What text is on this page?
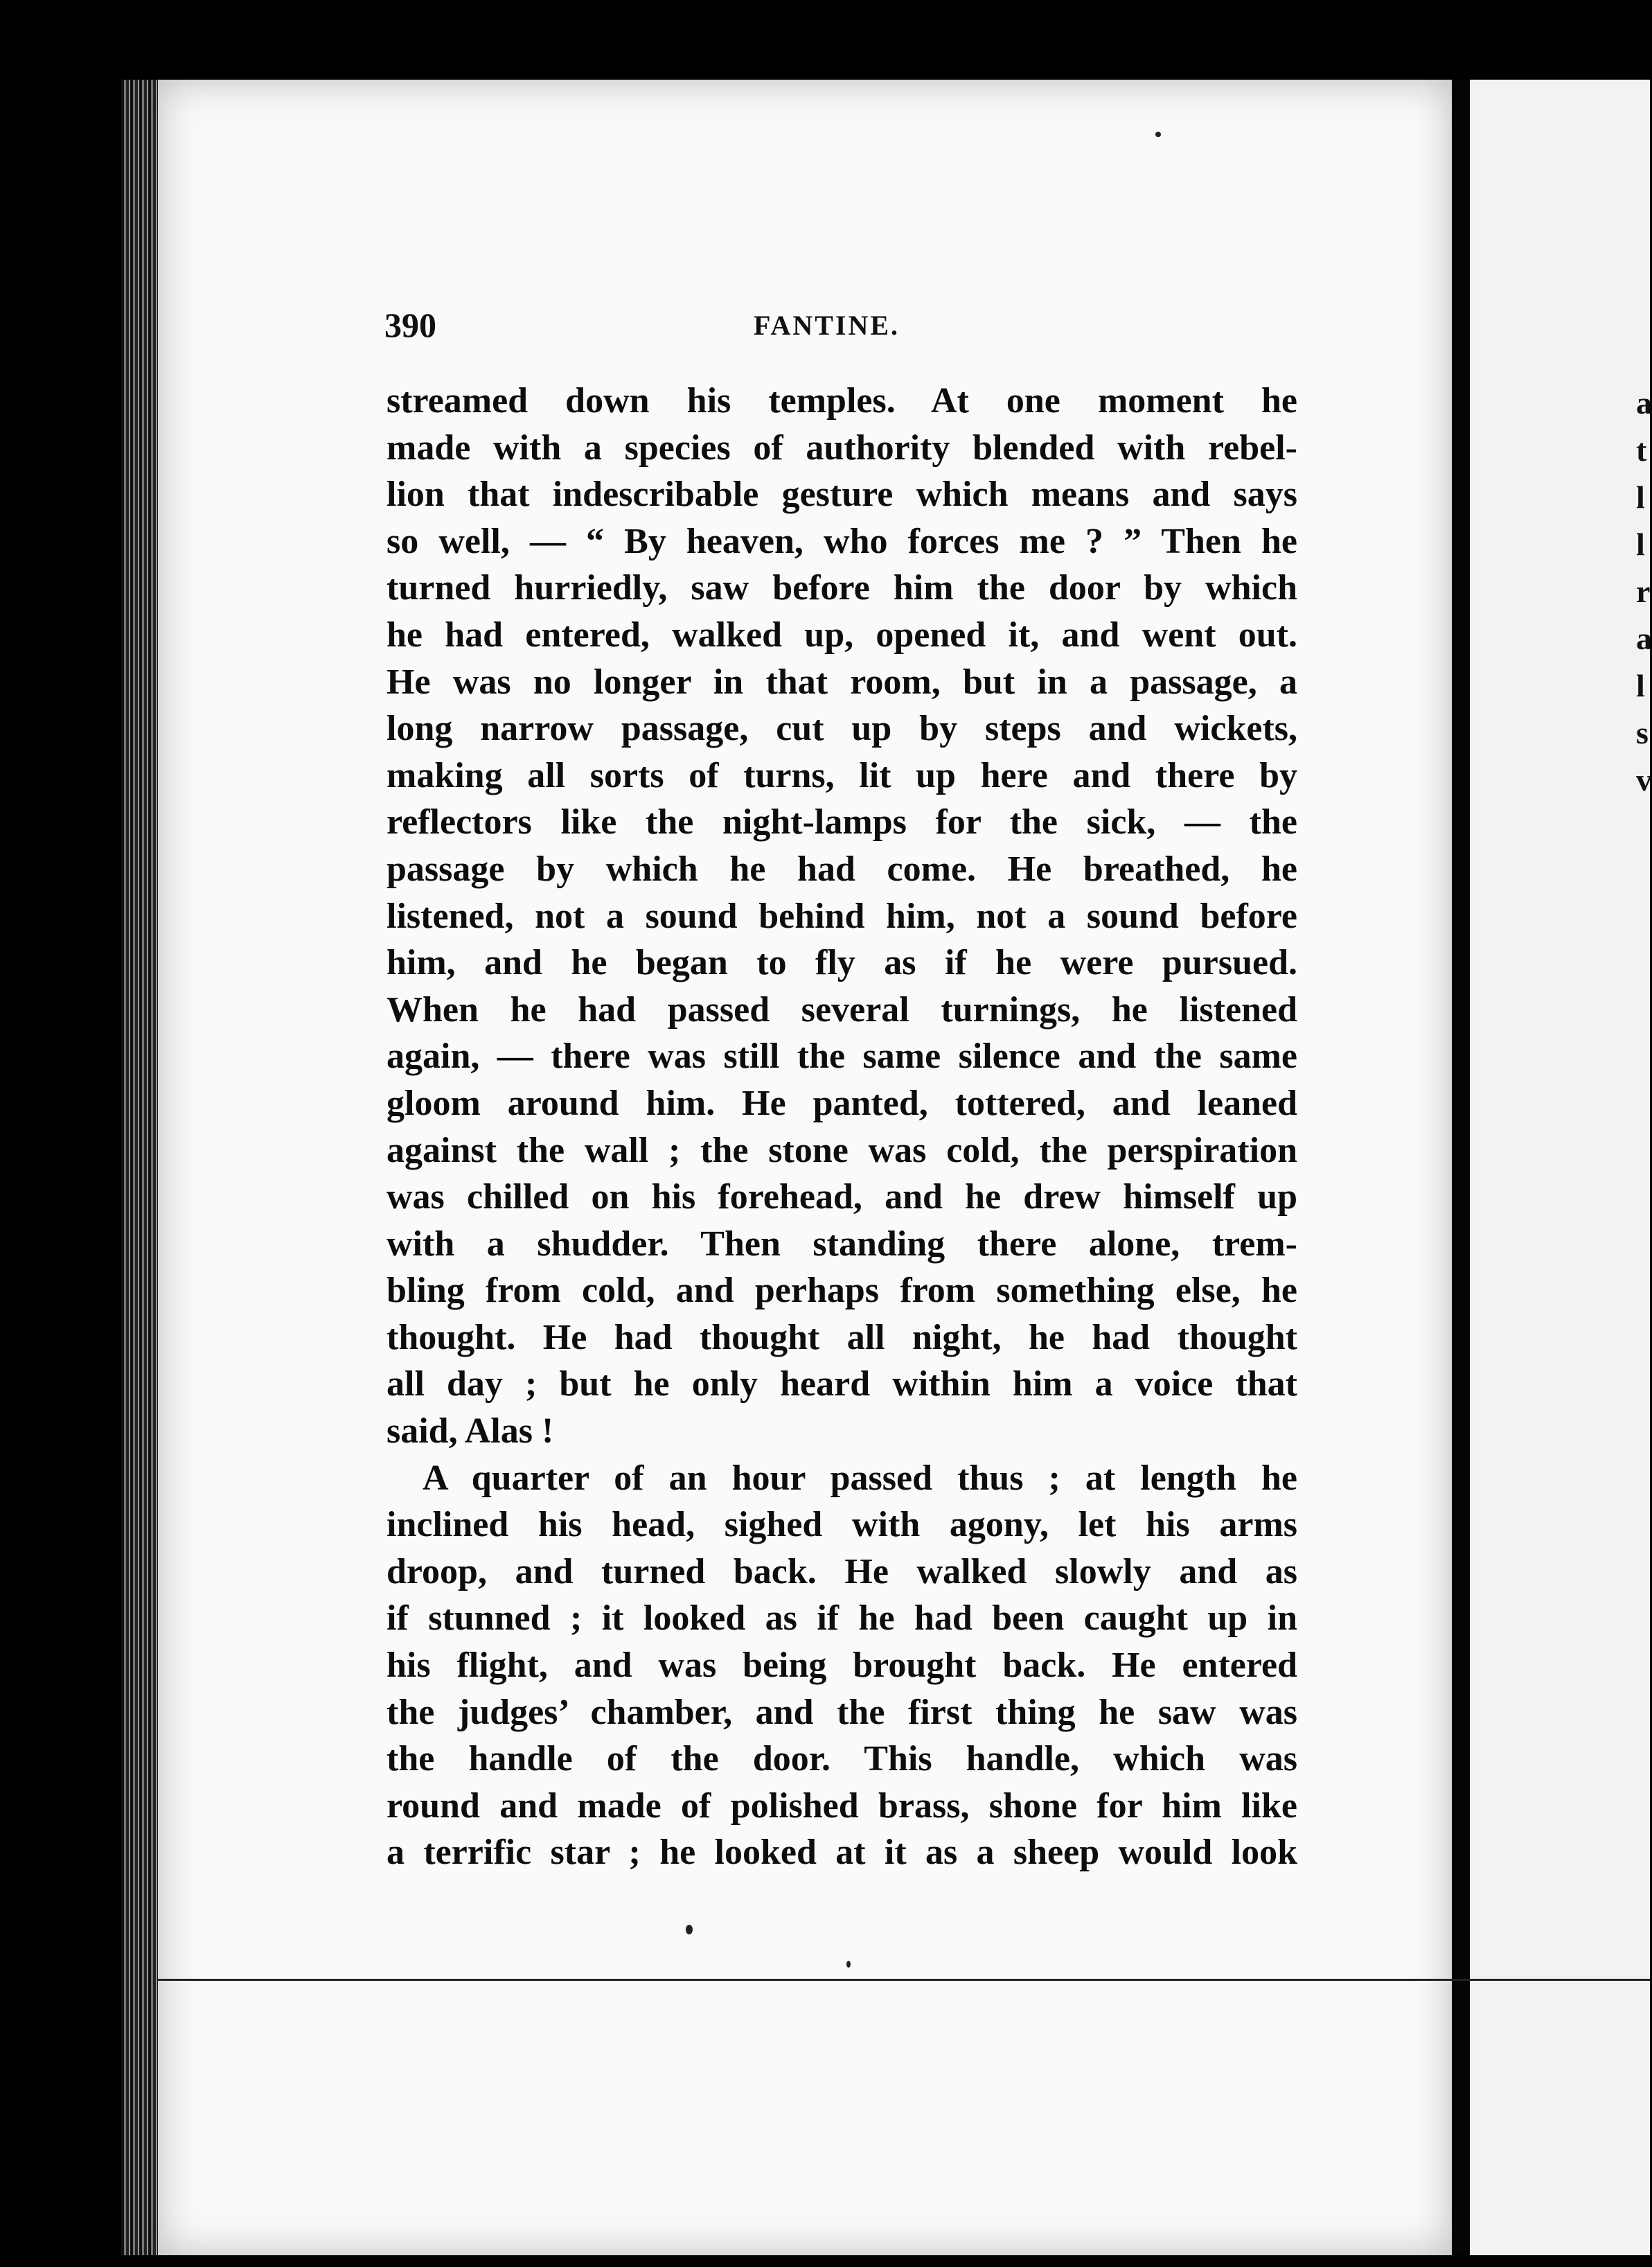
a
t
l
l
r
a
l
s
v
390	FANTINE.
streamed down his temples. At one moment he
made with a species of authority blended with rebel-
lion that indescribable gesture which means and says
so well, — “ By heaven, who forces me ? ” Then he
turned hurriedly, saw before him the door by which
he had entered, walked up, opened it, and went out.
He was no longer in that room, but in a passage, a
long narrow passage, cut up by steps and wickets,
making all sorts of turns, lit up here and there by
reflectors like the night-lamps for the sick, — the
passage by which he had come. He breathed, he
listened, not a sound behind him, not a sound before
him, and he began to fly as if he were pursued.
When he had passed several turnings, he listened
again, — there was still the same silence and the same
gloom around him. He panted, tottered, and leaned
against the wall ; the stone was cold, the perspiration
was chilled on his forehead, and he drew himself up
with a shudder. Then standing there alone, trem-
bling from cold, and perhaps from something else, he
thought. He had thought all night, he had thought
all day ; but he only heard within him a voice that
said, Alas !
A quarter of an hour passed thus ; at length he
inclined his head, sighed with agony, let his arms
droop, and turned back. He walked slowly and as
if stunned ; it looked as if he had been caught up in
his flight, and was being brought back. He entered
the judges’ chamber, and the first thing he saw was
the handle of the door. This handle, which was
round and made of polished brass, shone for him like
a terrific star ; he looked at it as a sheep would look
